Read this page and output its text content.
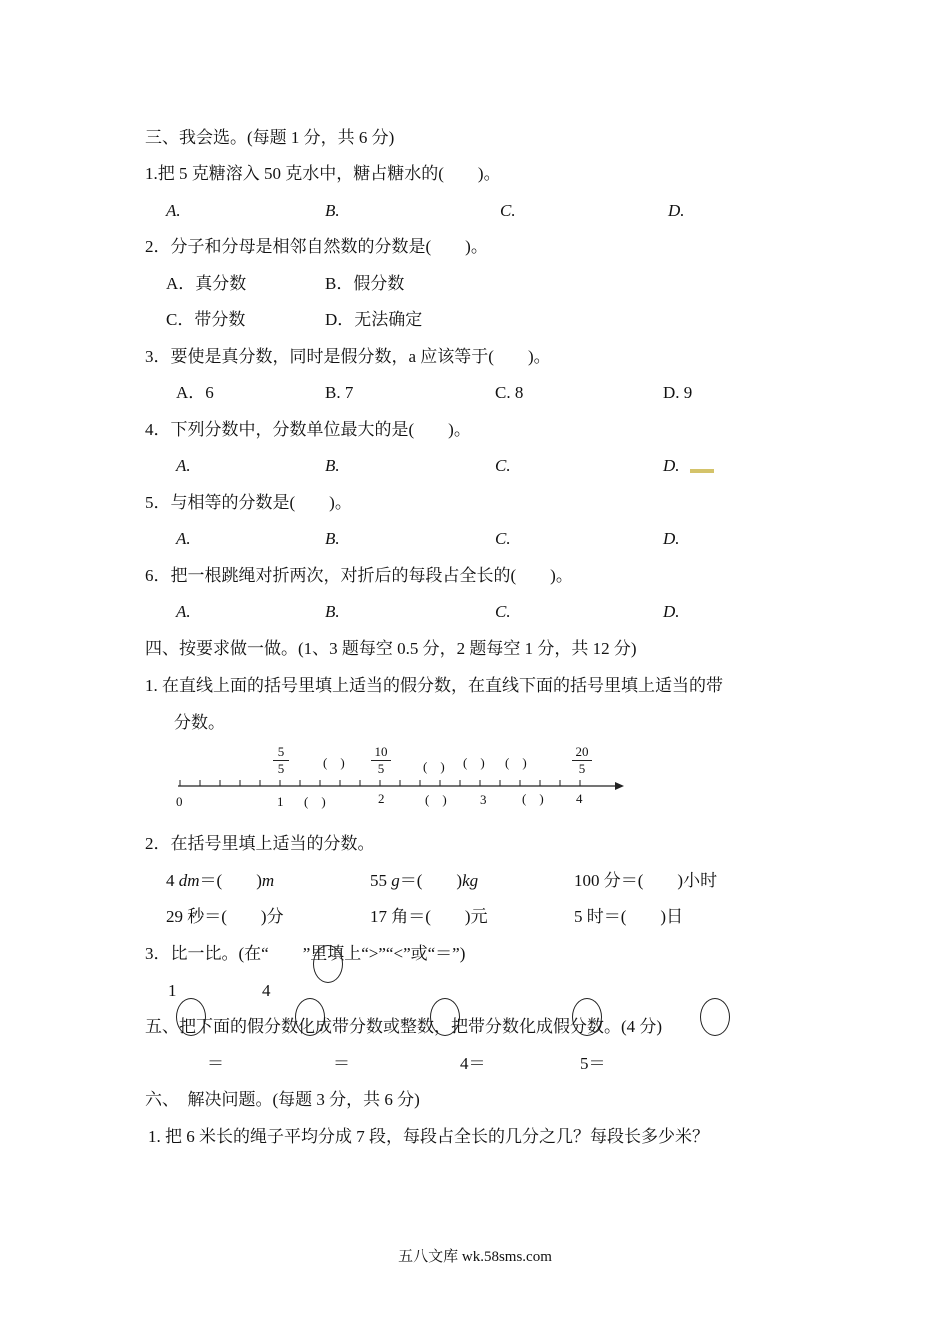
三、我会选。(每题 1 分，共 6 分)
1.把 5 克糖溶入 50 克水中，糖占糖水的(　　)。
A.	B.	C.	D.
2．分子和分母是相邻自然数的分数是(　　)。
A．真分数	B．假分数
C．带分数	D．无法确定
3．要使是真分数，同时是假分数，a 应该等于(　　)。
A．6	B. 7	C. 8	D. 9
4．下列分数中，分数单位最大的是(　　)。
A.	B.	C.	D.
5．与相等的分数是(　　)。
A.	B.	C.	D.
6．把一根跳绳对折两次，对折后的每段占全长的(　　)。
A.	B.	C.	D.
四、按要求做一做。(1、3 题每空 0.5 分，2 题每空 1 分，共 12 分)
1. 在直线上面的括号里填上适当的假分数，在直线下面的括号里填上适当的带
分数。
5
5
10
5
20
5
(　)	(　) (　) (　)
0	1	2	3	4
(　)	(　)	(　)
2．在括号里填上适当的分数。
4 dm＝(　　)m	55 g＝(　　)kg	100 分＝(　　)小时
29 秒＝(　　)分	17 角＝(　　)元	5 时＝(　　)日
3．比一比。(在“　　”里填上“>”“<”或“＝”)
1	4
五、把下面的假分数化成带分数或整数，把带分数化成假分数。(4 分)
＝	＝	4＝	5＝
六、　解决问题。(每题 3 分，共 6 分)
1. 把 6 米长的绳子平均分成 7 段，每段占全长的几分之几？每段长多少米？
五八文库 wk.58sms.com
